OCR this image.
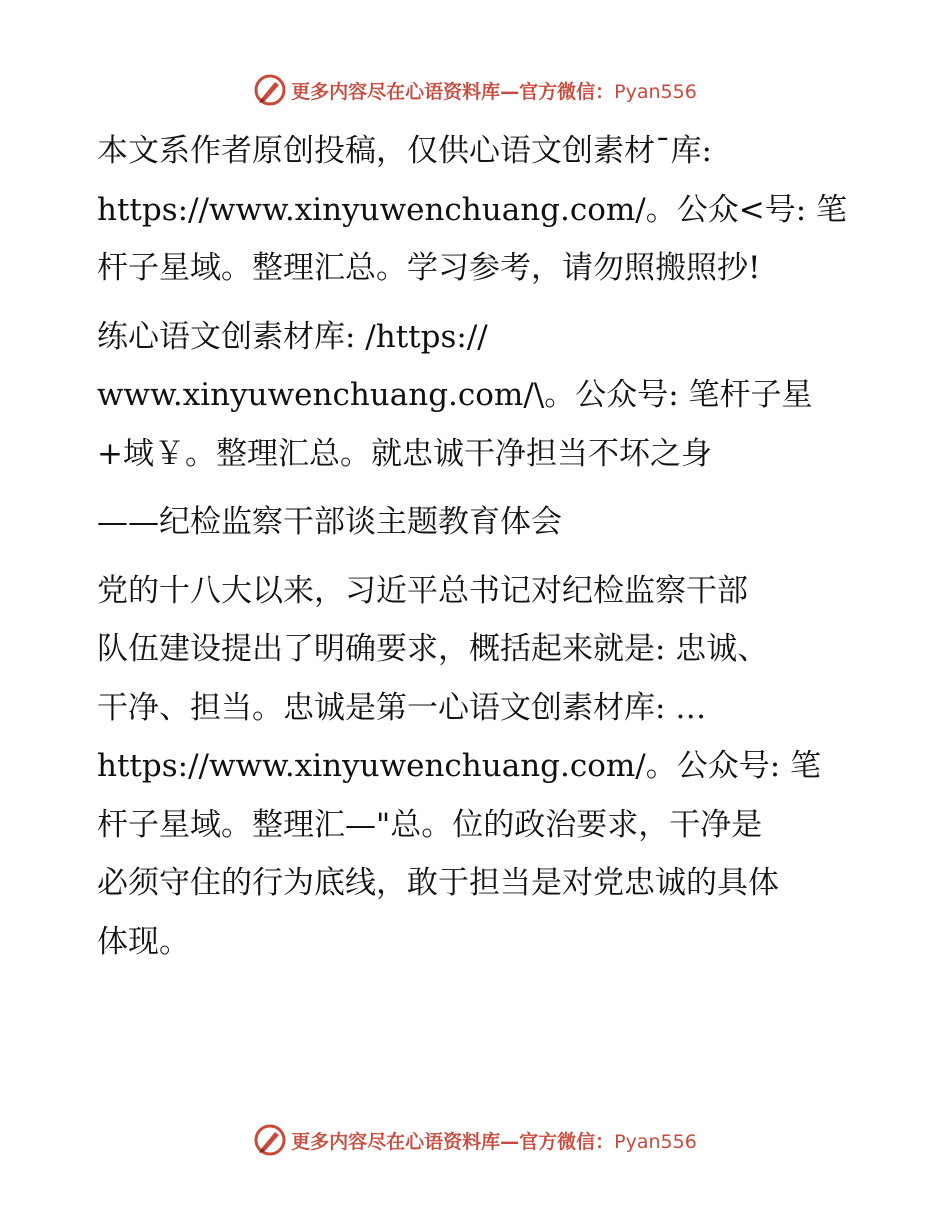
更多内容尽在心语资料库—官方微信：Pyan556
本文系作者原创投稿，仅供心语文创素材¯库:
https://www.xinyuwenchuang.com/。公众<号: 笔
杆子星域。整理汇总。学习参考，请勿照搬照抄!
练心语文创素材库: /https://
www.xinyuwenchuang.com/\。公众号: 笔杆子星
+域￥。整理汇总。就忠诚干净担当不坏之身
——纪检监察干部谈主题教育体会
党的十八大以来，习近平总书记对纪检监察干部
队伍建设提出了明确要求，概括起来就是: 忠诚、
干净、担当。忠诚是第一心语文创素材库: …
https://www.xinyuwenchuang.com/。公众号: 笔
杆子星域。整理汇—"总。位的政治要求，干净是
必须守住的行为底线，敢于担当是对党忠诚的具体
体现。
更多内容尽在心语资料库—官方微信：Pyan556
